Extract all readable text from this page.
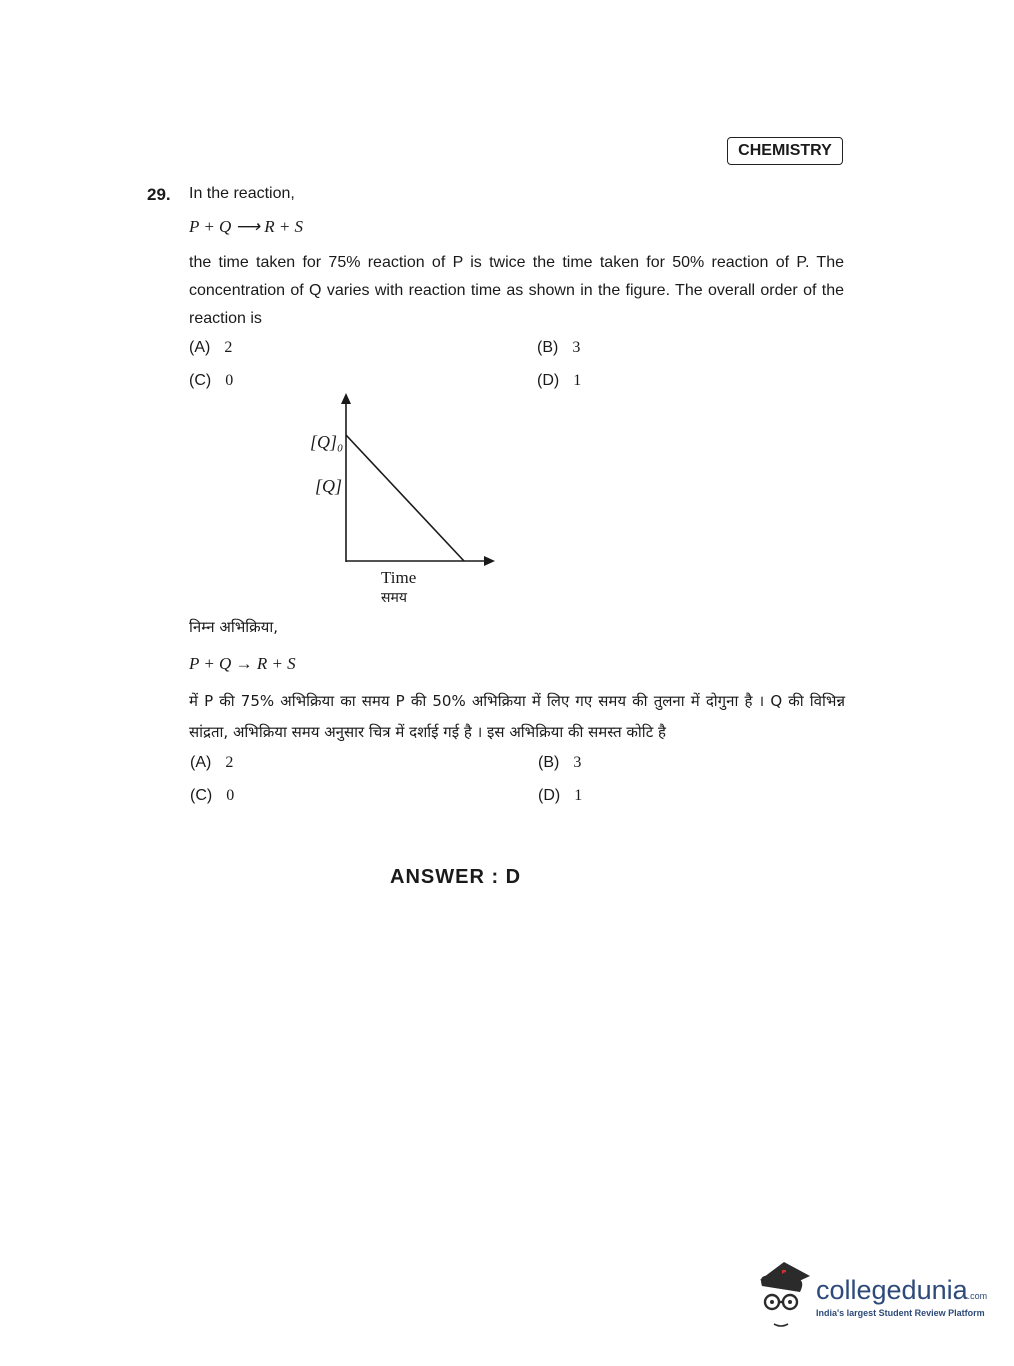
CHEMISTRY
29. In the reaction,
P + Q ⟶ R + S
the time taken for 75% reaction of P is twice the time taken for 50% reaction of P. The concentration of Q varies with reaction time as shown in the figure. The overall order of the reaction is
(A) 2	(B) 3
(C) 0	(D) 1
[Q]₀
[Q]
Time
समय
निम्न अभिक्रिया,
P + Q → R + S
में P की 75% अभिक्रिया का समय P की 50% अभिक्रिया में लिए गए समय की तुलना में दोगुना है । Q की विभिन्न सांद्रता, अभिक्रिया समय अनुसार चित्र में दर्शाई गई है । इस अभिक्रिया की समस्त कोटि है
(A) 2	(B) 3
(C) 0	(D) 1
ANSWER : D
collegedunia.com
India's largest Student Review Platform
